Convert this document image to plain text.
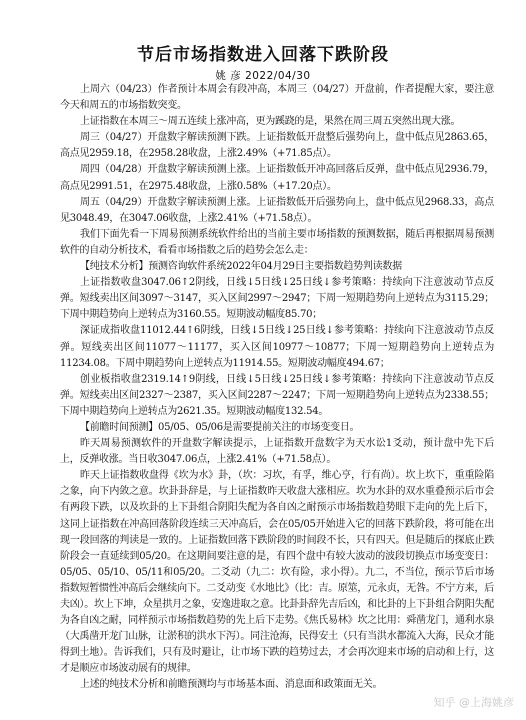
节后市场指数进入回落下跌阶段
姚 彦 2022/04/30

上周六（04/23）作者预计本周会有段冲高，本周三（04/27）开盘前，作者提醒大家，要注意今天和周五的市场指数突变。

上证指数在本周三～周五连续上涨冲高，更为蹊跷的是，果然在周三周五突然出现大涨。

周三（04/27）开盘数字解读预测下跌。上证指数低开盘整后强势向上，盘中低点见2863.65，高点见2959.18，在2958.28收盘，上涨2.49%（+71.85点）。

周四（04/28）开盘数字解读预测上涨。上证指数低开冲高回落后反弹，盘中低点见2936.79，高点见2991.51，在2975.48收盘，上涨0.58%（+17.20点）。

周五（04/29）开盘数字解读预测上涨。上证指数低开后强势向上，盘中低点见2968.33，高点见3048.49，在3047.06收盘，上涨2.41%（+71.58点）。

我们下面先看一下周易预测系统软件给出的当前主要市场指数的预测数据，随后再根据周易预测软件的自动分析技术，看看市场指数之后的趋势会怎么走：

【纯技术分析】预测咨询软件系统2022年04月29日主要指数趋势判读数据

上证指数收盘3047.06↑2阴线，日线↓5日线↓25日线↓参考策略：持续向下注意波动节点反弹。短线卖出区间3097～3147，买入区间2997～2947；下周一短期趋势向上逆转点为3115.29；下周中期趋势向上逆转点为3160.55。短期波动幅度85.70；

深证成指收盘11012.44↑6阴线，日线↓5日线↓25日线↓参考策略：持续向下注意波动节点反弹。短线卖出区间11077～11177，买入区间10977～10877；下周一短期趋势向上逆转点为11234.08。下周中期趋势向上逆转点为11914.55。短期波动幅度494.67；

创业板指收盘2319.14↑9阴线，日线↓5日线↓25日线↓参考策略：持续向下注意波动节点反弹。短线卖出区间2327～2387，买入区间2287～2247；下周一短期趋势向上逆转点为2338.55；下周中期趋势向上逆转点为2621.35。短期波动幅度132.54。

【前瞻时间预测】05/05、05/06是需要提前关注的市场变变日。

昨天周易预测软件的开盘数字解读提示，上证指数开盘数字为天水讼1爻动，预计盘中先下后上，反弹收涨。当日收3047.06点，上涨2.41%（+71.58点）。

昨天上证指数收盘得《坎为水》卦，（坎：习坎，有孚，维心亨，行有尚）。坎上坎下，重重险陷之象，向下内敛之意。坎卦卦辞是，与上证指数昨天收盘大涨相应。坎为水卦的双水重叠预示后市会有两段下跌，以及坎卦的上下卦组合阴阳失配为各自凶之耐预示市场指数趋势眼下走向的先上后下，这同上证指数在冲高回落阶段连续三天冲高后，会在05/05开始进入它的回落下跌阶段，将可能在出现一段回落的判读是一致的。上证指数回落下跌阶段的时间段不长，只有四天。但是随后的探底止跌阶段会一直延续到05/20。在这期间要注意的是，有四个盘中有较大波动的波段切换点市场变变日：05/05、05/10、05/11和05/20。二爻动（九二：坎有险，求小得）。九二，不当位，预示节后市场指数短暂惯性冲高后会继续向下。二爻动变《水地比》（比：吉。原筮，元永贞，无咎。不宁方来，后夫凶）。坎上下坤，众星拱月之象，安逸进取之意。比卦卦辞先吉后凶，和比卦的上下卦组合阴阳失配为各自凶之耐，同样预示市场指数趋势的先上后下走势。《焦氏易林》坎之比用：舜凿龙门，通利水泉（大禹凿开龙门山脉，让淤积的洪水下泻）。同注沧海，民得安土（只有当洪水都流入大海，民众才能得到土地）。告诉我们，只有及时避让，让市场下跌的趋势过去，才会再次迎来市场的启动和上行，这才是顺应市场波动展有的规律。

上述的纯技术分析和前瞻预测均与市场基本面、消息面和政策面无关。

知乎 @上海姚彦
